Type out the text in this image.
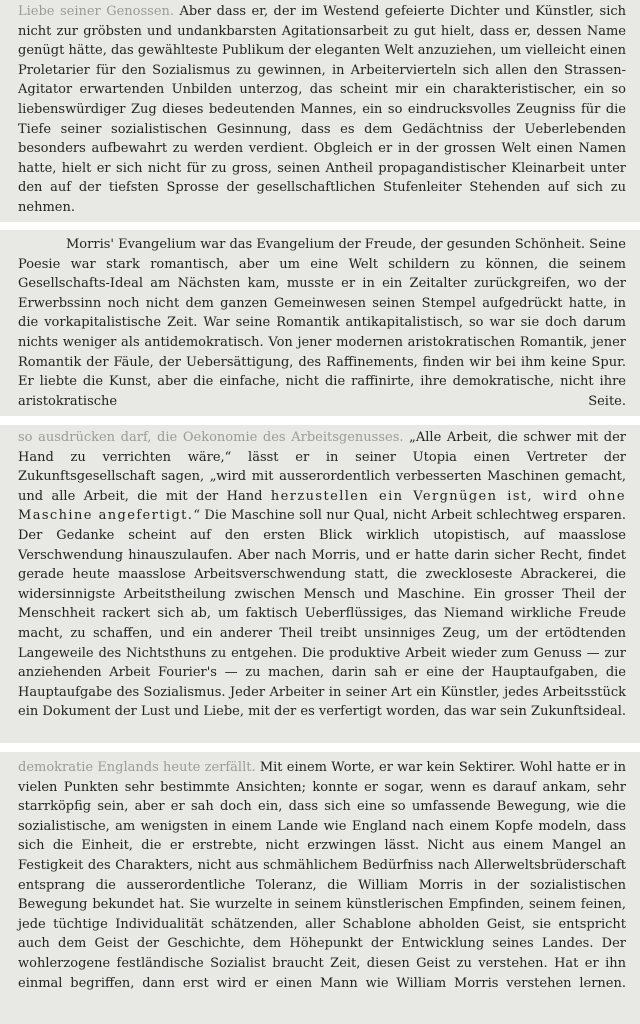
Liebe seiner Genossen. Aber dass er, der im Westend gefeierte Dichter und Künstler, sich nicht zur gröbsten und undankbarsten Agitationsarbeit zu gut hielt, dass er, dessen Name genügt hätte, das gewählteste Publikum der eleganten Welt anzuziehen, um vielleicht einen Proletarier für den Sozialismus zu gewinnen, in Arbeitervierteln sich allen den Strassen-Agitator erwartenden Unbilden unterzog, das scheint mir ein charakteristischer, ein so liebenswürdiger Zug dieses bedeutenden Mannes, ein so eindrucksvolles Zeugniss für die Tiefe seiner sozialistischen Gesinnung, dass es dem Gedächtniss der Ueberlebenden besonders aufbewahrt zu werden verdient. Obgleich er in der grossen Welt einen Namen hatte, hielt er sich nicht für zu gross, seinen Antheil propagandistischer Kleinarbeit unter den auf der tiefsten Sprosse der gesellschaftlichen Stufenleiter Stehenden auf sich zu nehmen.

Morris' Evangelium war das Evangelium der Freude, der gesunden Schönheit. Seine Poesie war stark romantisch, aber um eine Welt schildern zu können, die seinem Gesellschafts-Ideal am Nächsten kam, musste er in ein Zeitalter zurückgreifen, wo der Erwerbssinn noch nicht dem ganzen Gemeinwesen seinen Stempel aufgedrückt hatte, in die vorkapitalistische Zeit. War seine Romantik antikapitalistisch, so war sie doch darum nichts weniger als antidemokratisch. Von jener modernen aristokratischen Romantik, jener Romantik der Fäule, der Uebersättigung, des Raffinements, finden wir bei ihm keine Spur. Er liebte die Kunst, aber die einfache, nicht die raffinirte, ihre demokratische, nicht ihre aristokratische Seite.

so ausdrücken darf, die Oekonomie des Arbeitsgenusses. „Alle Arbeit, die schwer mit der Hand zu verrichten wäre,“ lässt er in seiner Utopia einen Vertreter der Zukunftsgesellschaft sagen, „wird mit ausserordentlich verbesserten Maschinen gemacht, und alle Arbeit, die mit der Hand herzustellen ein Vergnügen ist, wird ohne Maschine angefertigt.“ Die Maschine soll nur Qual, nicht Arbeit schlechtweg ersparen. Der Gedanke scheint auf den ersten Blick wirklich utopistisch, auf maasslose Verschwendung hinauszulaufen. Aber nach Morris, und er hatte darin sicher Recht, findet gerade heute maasslose Arbeitsverschwendung statt, die zweckloseste Abrackerei, die widersinnigste Arbeitstheilung zwischen Mensch und Maschine. Ein grosser Theil der Menschheit rackert sich ab, um faktisch Ueberflüssiges, das Niemand wirkliche Freude macht, zu schaffen, und ein anderer Theil treibt unsinniges Zeug, um der ertödtenden Langeweile des Nichtsthuns zu entgehen. Die produktive Arbeit wieder zum Genuss — zur anziehenden Arbeit Fourier's — zu machen, darin sah er eine der Hauptaufgaben, die Hauptaufgabe des Sozialismus. Jeder Arbeiter in seiner Art ein Künstler, jedes Arbeitsstück ein Dokument der Lust und Liebe, mit der es verfertigt worden, das war sein Zukunftsideal.

demokratie Englands heute zerfällt. Mit einem Worte, er war kein Sektirer. Wohl hatte er in vielen Punkten sehr bestimmte Ansichten; konnte er sogar, wenn es darauf ankam, sehr starrköpfig sein, aber er sah doch ein, dass sich eine so umfassende Bewegung, wie die sozialistische, am wenigsten in einem Lande wie England nach einem Kopfe modeln, dass sich die Einheit, die er erstrebte, nicht erzwingen lässt. Nicht aus einem Mangel an Festigkeit des Charakters, nicht aus schmählichem Bedürfniss nach Allerweltsbrüderschaft entsprang die ausserordentliche Toleranz, die William Morris in der sozialistischen Bewegung bekundet hat. Sie wurzelte in seinem künstlerischen Empfinden, seinem feinen, jede tüchtige Individualität schätzenden, aller Schablone abholden Geist, sie entspricht auch dem Geist der Geschichte, dem Höhepunkt der Entwicklung seines Landes. Der wohlerzogene festländische Sozialist braucht Zeit, diesen Geist zu verstehen. Hat er ihn einmal begriffen, dann erst wird er einen Mann wie William Morris verstehen lernen.
